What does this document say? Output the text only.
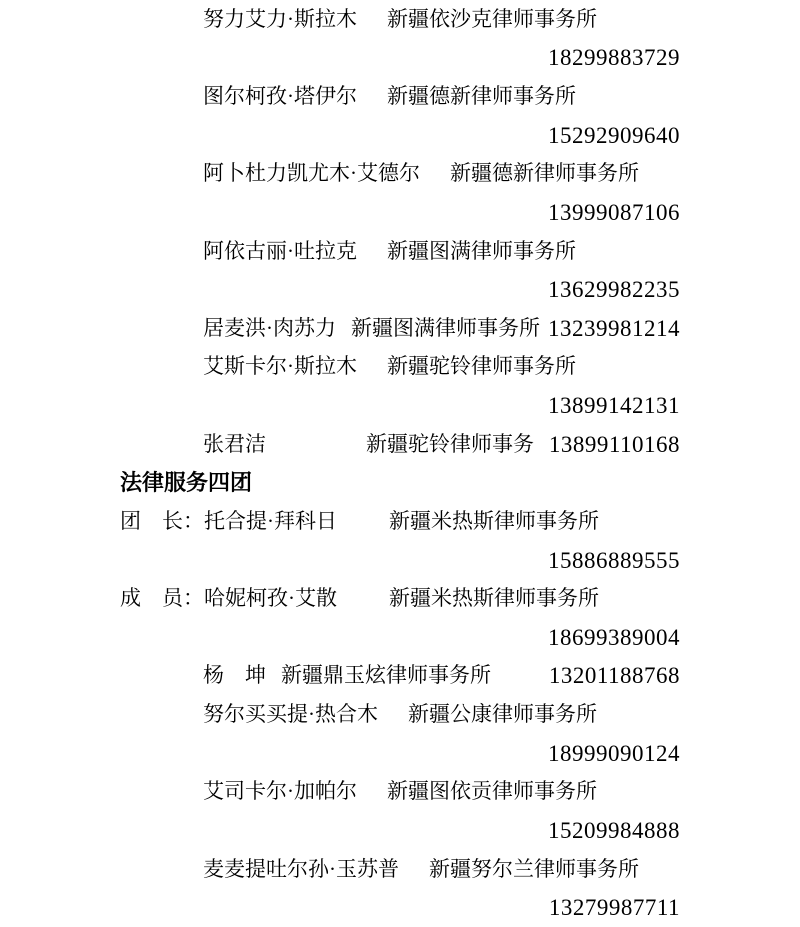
努力艾力·斯拉木 新疆依沙克律师事务所
18299883729
图尔柯孜·塔伊尔 新疆德新律师事务所
15292909640
阿卜杜力凯尤木·艾德尔 新疆德新律师事务所
13999087106
阿依古丽·吐拉克 新疆图满律师事务所
13629982235
居麦洪·肉苏力 新疆图满律师事务所 13239981214
艾斯卡尔·斯拉木 新疆驼铃律师事务所
13899142131
张君洁	新疆驼铃律师事务 13899110168
法律服务四团
团　长： 托合提·拜科日 新疆米热斯律师事务所
15886889555
成　员： 哈妮柯孜·艾散 新疆米热斯律师事务所
18699389004
杨　坤 新疆鼎玉炫律师事务所	13201188768
努尔买买提·热合木 新疆公康律师事务所
18999090124
艾司卡尔·加帕尔 新疆图依贡律师事务所
15209984888
麦麦提吐尔孙·玉苏普 新疆努尔兰律师事务所
13279987711
